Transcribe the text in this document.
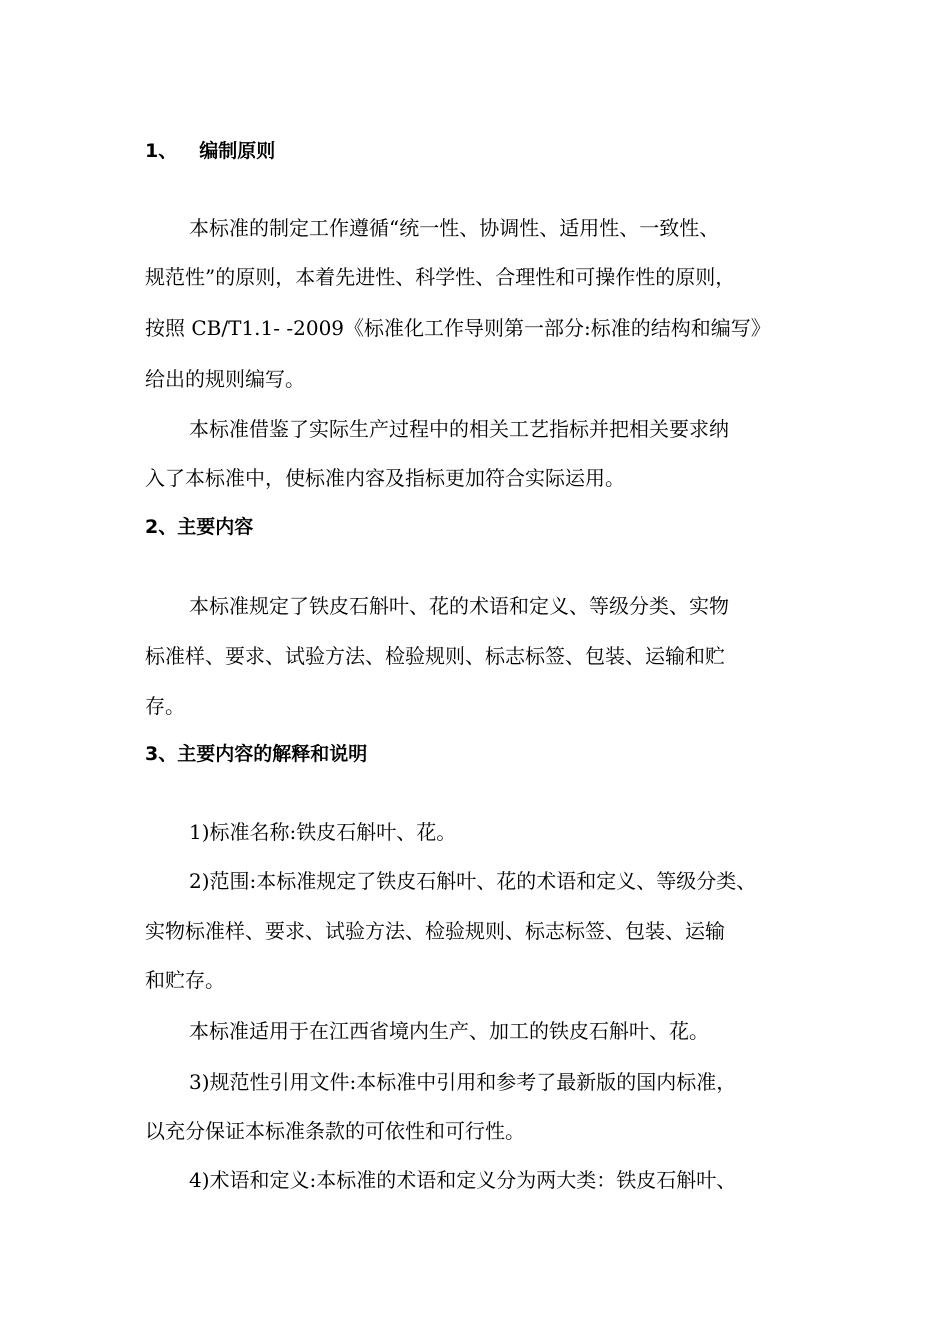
1、 编制原则
本标准的制定工作遵循“统一性、协调性、适用性、一致性、
规范性”的原则，本着先进性、科学性、合理性和可操作性的原则，
按照 CB/T1.1- -2009《标准化工作导则第一部分:标准的结构和编写》
给出的规则编写。
本标准借鉴了实际生产过程中的相关工艺指标并把相关要求纳
入了本标准中，使标准内容及指标更加符合实际运用。
2、主要内容
本标准规定了铁皮石斛叶、花的术语和定义、等级分类、实物
标准样、要求、试验方法、检验规则、标志标签、包装、运输和贮
存。
3、主要内容的解释和说明
1)标准名称:铁皮石斛叶、花。
2)范围:本标准规定了铁皮石斛叶、花的术语和定义、等级分类、
实物标准样、要求、试验方法、检验规则、标志标签、包装、运输
和贮存。
本标准适用于在江西省境内生产、加工的铁皮石斛叶、花。
3)规范性引用文件:本标准中引用和参考了最新版的国内标准，
以充分保证本标准条款的可依性和可行性。
4)术语和定义:本标准的术语和定义分为两大类：铁皮石斛叶、
